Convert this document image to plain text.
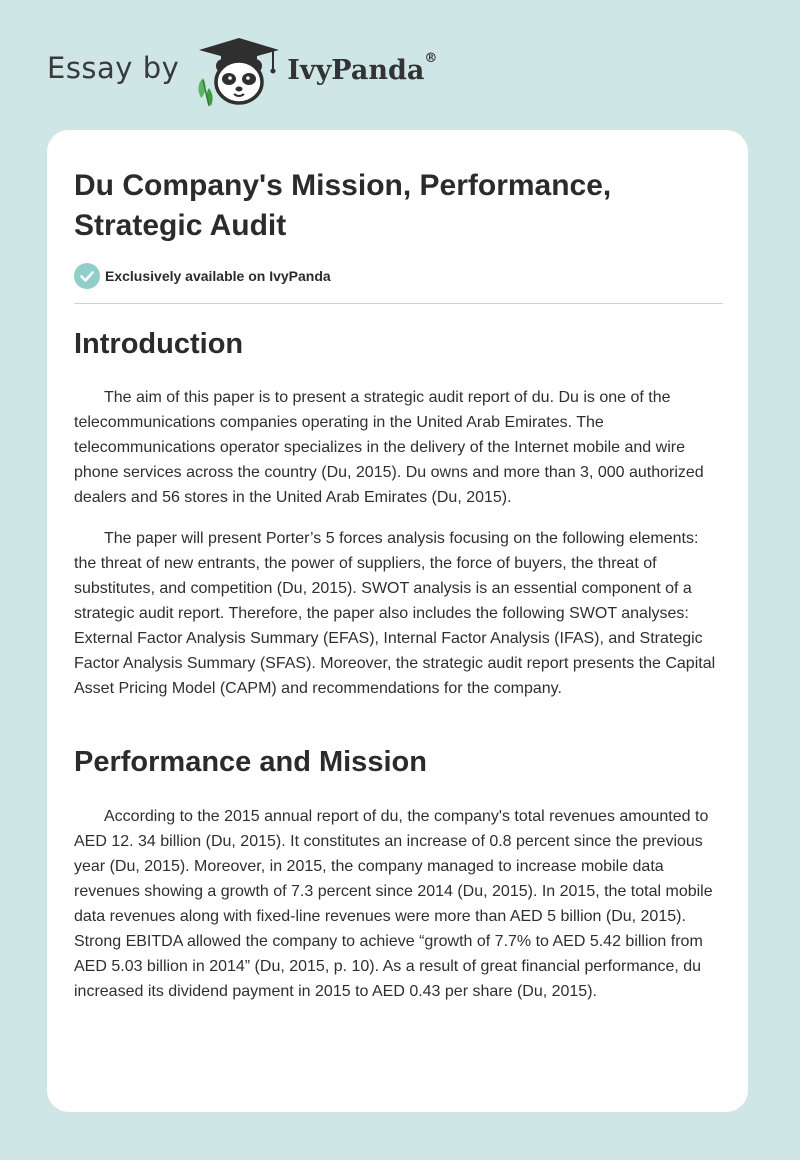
Essay by	IvyPanda®
Du Company's Mission, Performance, Strategic Audit
Exclusively available on IvyPanda
Introduction

The aim of this paper is to present a strategic audit report of du. Du is one of the telecommunications companies operating in the United Arab Emirates. The telecommunications operator specializes in the delivery of the Internet mobile and wire phone services across the country (Du, 2015). Du owns and more than 3, 000 authorized dealers and 56 stores in the United Arab Emirates (Du, 2015).

The paper will present Porter’s 5 forces analysis focusing on the following elements: the threat of new entrants, the power of suppliers, the force of buyers, the threat of substitutes, and competition (Du, 2015). SWOT analysis is an essential component of a strategic audit report. Therefore, the paper also includes the following SWOT analyses: External Factor Analysis Summary (EFAS), Internal Factor Analysis (IFAS), and Strategic Factor Analysis Summary (SFAS). Moreover, the strategic audit report presents the Capital Asset Pricing Model (CAPM) and recommendations for the company.

Performance and Mission

According to the 2015 annual report of du, the company's total revenues amounted to AED 12. 34 billion (Du, 2015). It constitutes an increase of 0.8 percent since the previous year (Du, 2015). Moreover, in 2015, the company managed to increase mobile data revenues showing a growth of 7.3 percent since 2014 (Du, 2015). In 2015, the total mobile data revenues along with fixed-line revenues were more than AED 5 billion (Du, 2015). Strong EBITDA allowed the company to achieve “growth of 7.7% to AED 5.42 billion from AED 5.03 billion in 2014” (Du, 2015, p. 10). As a result of great financial performance, du increased its dividend payment in 2015 to AED 0.43 per share (Du, 2015).
